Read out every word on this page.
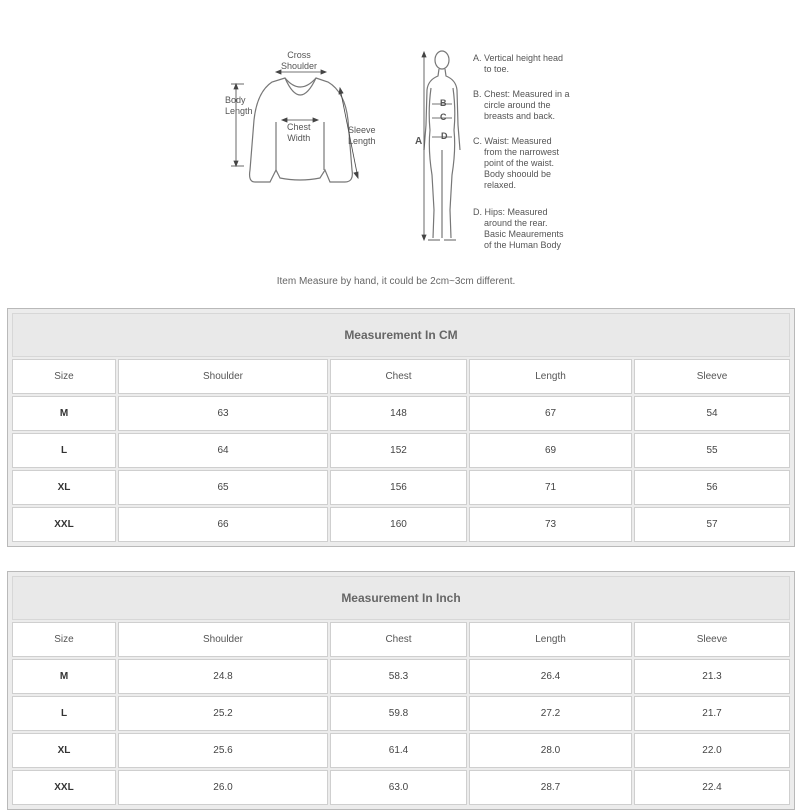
Cross
Shoulder
Body
Length
Chest
Width
Sleeve
Length	A
B
C
D
A. Vertical height head
to toe.
B. Chest: Measured in a
circle around the
breasts and back.
C. Waist: Measured
from the narrowest
point of the waist.
Body shoould be
relaxed.
D. Hips: Measured
around the rear.
Basic Meaurements
of the Human Body
Item Measure by hand, it could be 2cm~3cm different.
Measurement In CM				
Size	Shoulder	Chest	Length	Sleeve
M	63	148	67	54
L	64	152	69	55
XL	65	156	71	56
XXL	66	160	73	57
Measurement In Inch				
Size	Shoulder	Chest	Length	Sleeve
M	24.8	58.3	26.4	21.3
L	25.2	59.8	27.2	21.7
XL	25.6	61.4	28.0	22.0
XXL	26.0	63.0	28.7	22.4
